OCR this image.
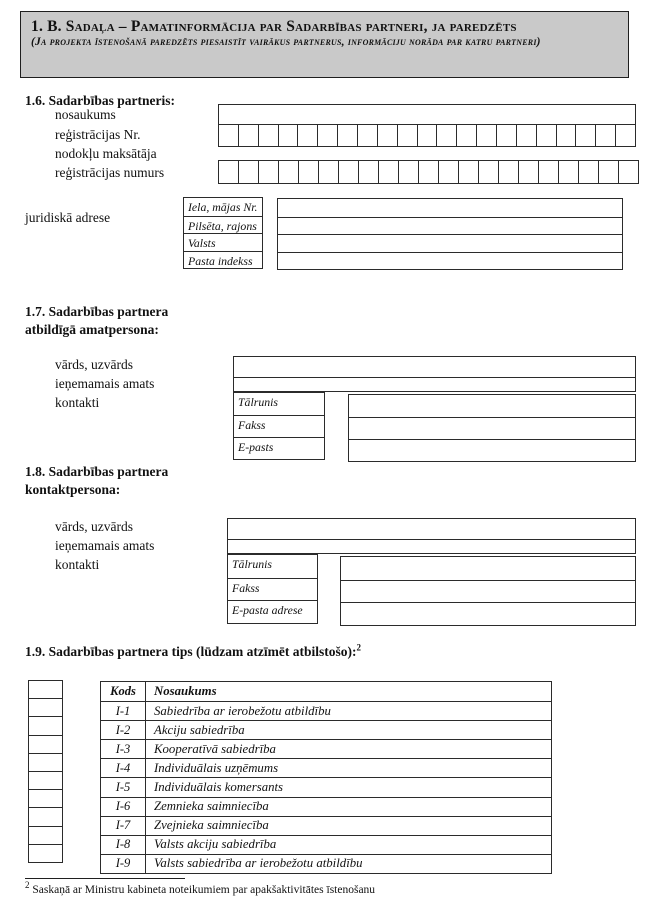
1. B. Sadaļa – Pamatinformācija par Sadarbības partneri, ja paredzēts
(Ja projekta īstenošanā paredzēts piesaistīt vairākus partnerus, informāciju norāda par katru partneri)
1.6. Sadarbības partneris:
nosaukums
reģistrācijas Nr.
nodokļu maksātāja
reģistrācijas numurs
juridiskā adrese
Iela, mājas Nr.
Pilsēta, rajons
Valsts
Pasta indekss
1.7. Sadarbības partnera
atbildīgā amatpersona:
vārds, uzvārds
ieņemamais amats
kontakti	Tālrunis
Fakss
E-pasts
1.8. Sadarbības partnera
kontaktpersona:
vārds, uzvārds
ieņemamais amats
kontakti	Tālrunis
Fakss
E-pasta adrese
1.9. Sadarbības partnera tips (lūdzam atzīmēt atbilstošo):$^2$
Kods	Nosaukums
I-1	Sabiedrība ar ierobežotu atbildību
I-2	Akciju sabiedrība
I-3	Kooperatīvā sabiedrība
I-4	Individuālais uzņēmums
I-5	Individuālais komersants
I-6	Zemnieka saimniecība
I-7	Zvejnieka saimniecība
I-8	Valsts akciju sabiedrība
I-9	Valsts sabiedrība ar ierobežotu atbildību
$^2$ Saskaņā ar Ministru kabineta noteikumiem par apakšaktivitātes īstenošanu
